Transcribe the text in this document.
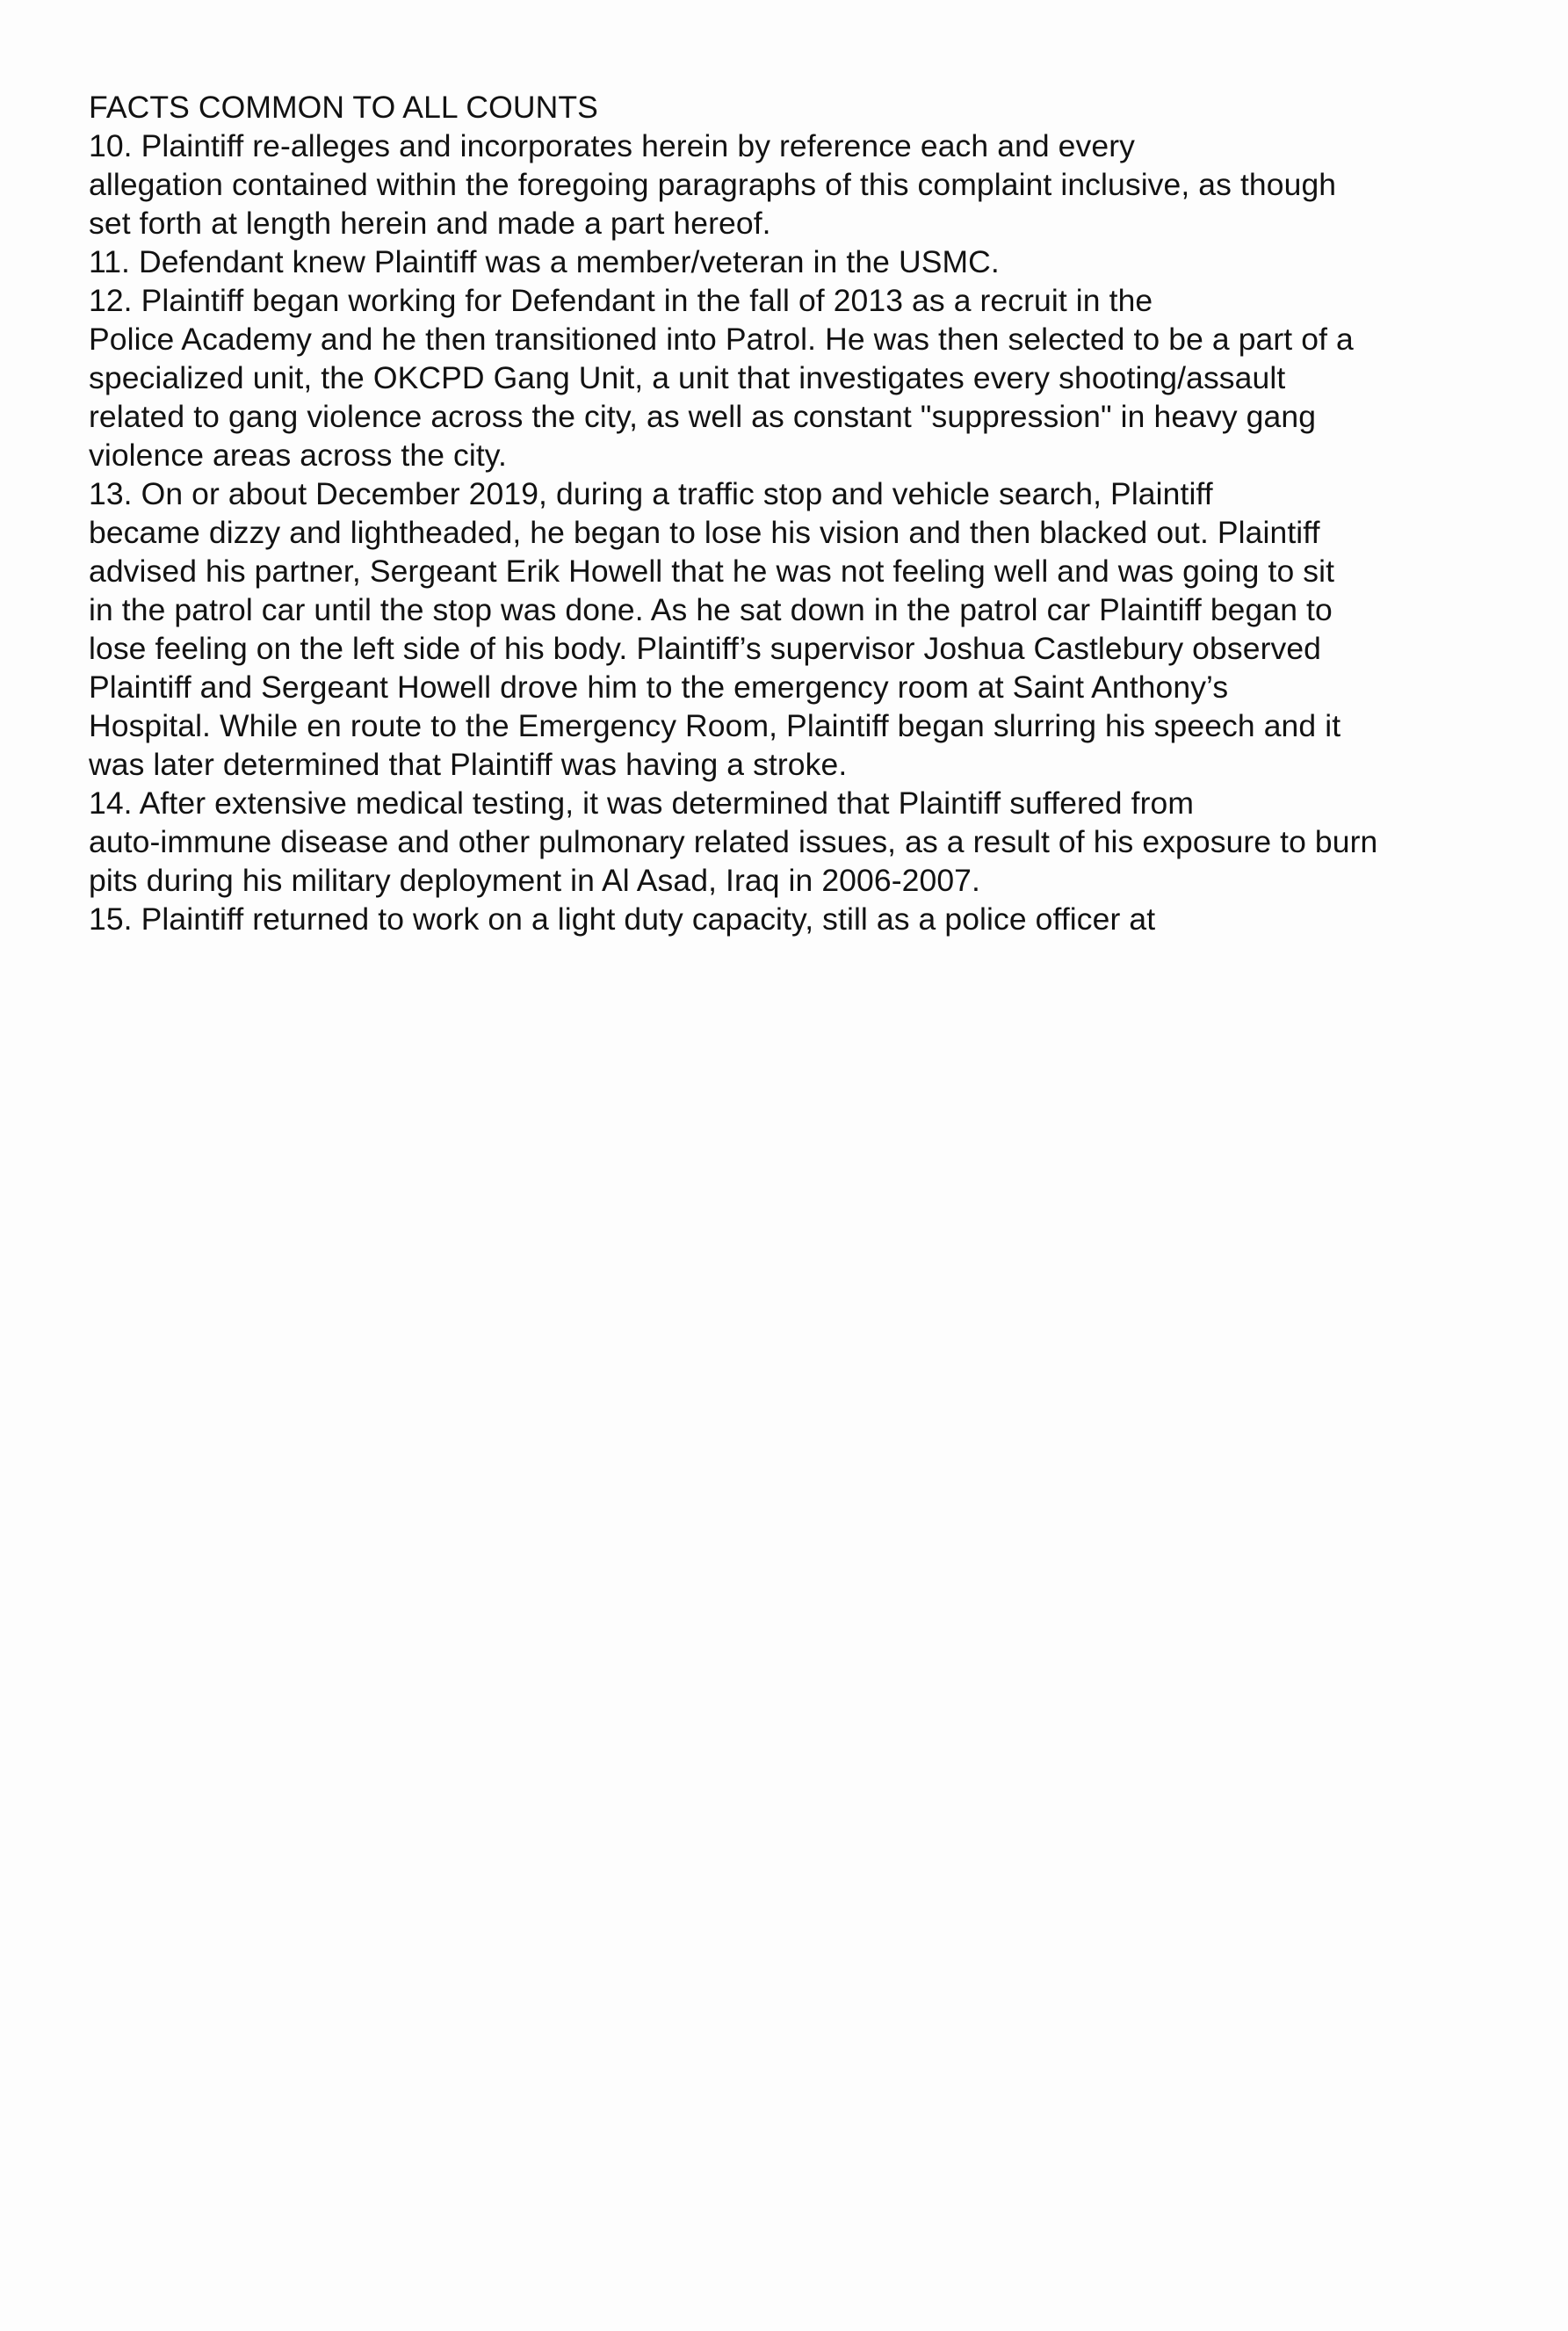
FACTS COMMON TO ALL COUNTS
10. Plaintiff re-alleges and incorporates herein by reference each and every
allegation contained within the foregoing paragraphs of this complaint inclusive, as though
set forth at length herein and made a part hereof.
11. Defendant knew Plaintiff was a member/veteran in the USMC.
12. Plaintiff began working for Defendant in the fall of 2013 as a recruit in the
Police Academy and he then transitioned into Patrol. He was then selected to be a part of a
specialized unit, the OKCPD Gang Unit, a unit that investigates every shooting/assault
related to gang violence across the city, as well as constant "suppression" in heavy gang
violence areas across the city.
13. On or about December 2019, during a traffic stop and vehicle search, Plaintiff
became dizzy and lightheaded, he began to lose his vision and then blacked out. Plaintiff
advised his partner, Sergeant Erik Howell that he was not feeling well and was going to sit
in the patrol car until the stop was done. As he sat down in the patrol car Plaintiff began to
lose feeling on the left side of his body. Plaintiff’s supervisor Joshua Castlebury observed
Plaintiff and Sergeant Howell drove him to the emergency room at Saint Anthony’s
Hospital. While en route to the Emergency Room, Plaintiff began slurring his speech and it
was later determined that Plaintiff was having a stroke.
14. After extensive medical testing, it was determined that Plaintiff suffered from
auto-immune disease and other pulmonary related issues, as a result of his exposure to burn
pits during his military deployment in Al Asad, Iraq in 2006-2007.
15. Plaintiff returned to work on a light duty capacity, still as a police officer at
